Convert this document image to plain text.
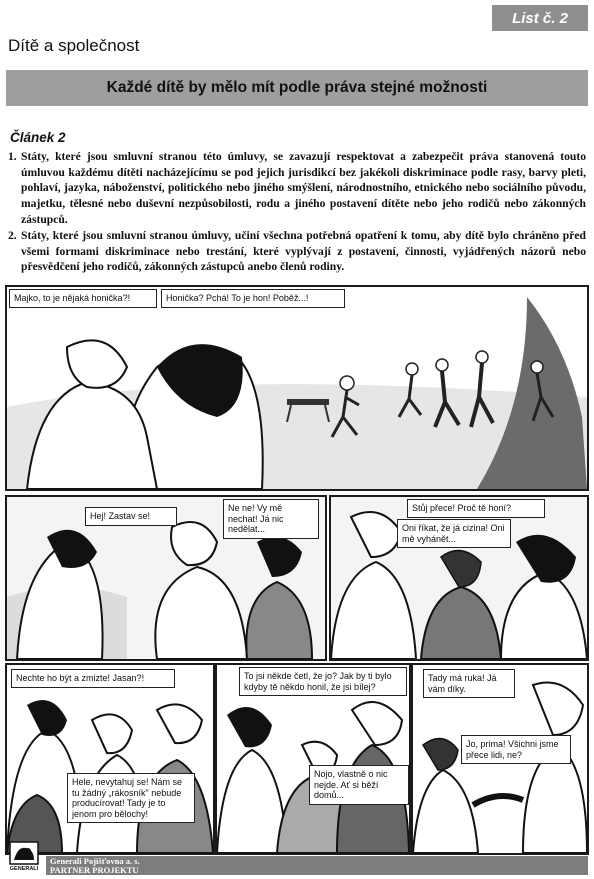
List č. 2
Dítě a společnost
Každé dítě by mělo mít podle práva stejné možnosti
Článek 2
1. Státy, které jsou smluvní stranou této úmluvy, se zavazují respektovat a zabezpečit práva stanovená touto úmluvou každému dítěti nacházejícímu se pod jejich jurisdikcí bez jakékoli diskriminace podle rasy, barvy pleti, pohlaví, jazyka, náboženství, politického nebo jiného smýšlení, národnostního, etnického nebo sociálního původu, majetku, tělesné nebo duševní nezpůsobilosti, rodu a jiného postavení dítěte nebo jeho rodičů nebo zákonných zástupců.
2. Státy, které jsou smluvní stranou úmluvy, učiní všechna potřebná opatření k tomu, aby dítě bylo chráněno před všemi formami diskriminace nebo trestání, které vyplývají z postavení, činnosti, vyjádřených názorů nebo přesvědčení jeho rodičů, zákonných zástupců anebo členů rodiny.
Majko, to je nějaká honička?!	Honička? Pchá! To je hon! Poběž...!
Hej! Zastav se!
Ne ne! Vy mě nechat! Já nic nedělat...
Stůj přece! Proč tě honí?
Oni říkat, že já cizina! Oni mě vyhánět...
Nechte ho být a zmizte! Jasan?!
Hele, nevytahuj se! Nám se tu žádný „rákosník" nebude producírovat! Tady je to jenom pro bělochy!
To jsi někde četl, že jo? Jak by ti bylo kdyby tě někdo honil, že jsi bílej?
Nojo, vlastně o nic nejde. Ať si běží domů...
Tady má ruka! Já vám díky.
Jo, prima! Všichni jsme přece lidi, ne?
GENERALI
Generali Pojišťovna a. s.
PARTNER PROJEKTU
